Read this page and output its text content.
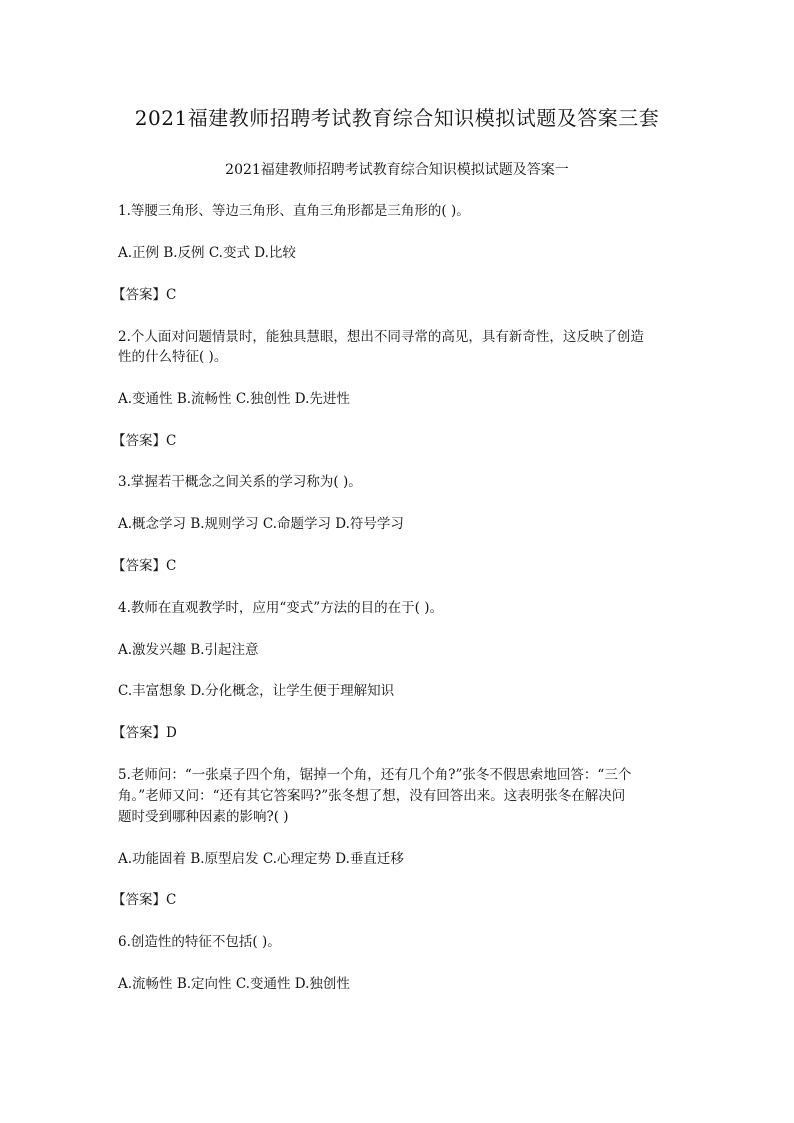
2021福建教师招聘考试教育综合知识模拟试题及答案三套
2021福建教师招聘考试教育综合知识模拟试题及答案一
1.等腰三角形、等边三角形、直角三角形都是三角形的( )。
A.正例 B.反例 C.变式 D.比较
【答案】C
2.个人面对问题情景时，能独具慧眼，想出不同寻常的高见，具有新奇性，这反映了创造
性的什么特征( )。
A.变通性 B.流畅性 C.独创性 D.先进性
【答案】C
3.掌握若干概念之间关系的学习称为( )。
A.概念学习 B.规则学习 C.命题学习 D.符号学习
【答案】C
4.教师在直观教学时，应用“变式”方法的目的在于( )。
A.激发兴趣 B.引起注意
C.丰富想象 D.分化概念，让学生便于理解知识
【答案】D
5.老师问：“一张桌子四个角，锯掉一个角，还有几个角?”张冬不假思索地回答：“三个
角。”老师又问：“还有其它答案吗?”张冬想了想，没有回答出来。这表明张冬在解决问
题时受到哪种因素的影响?( )
A.功能固着 B.原型启发 C.心理定势 D.垂直迁移
【答案】C
6.创造性的特征不包括( )。
A.流畅性 B.定向性 C.变通性 D.独创性
